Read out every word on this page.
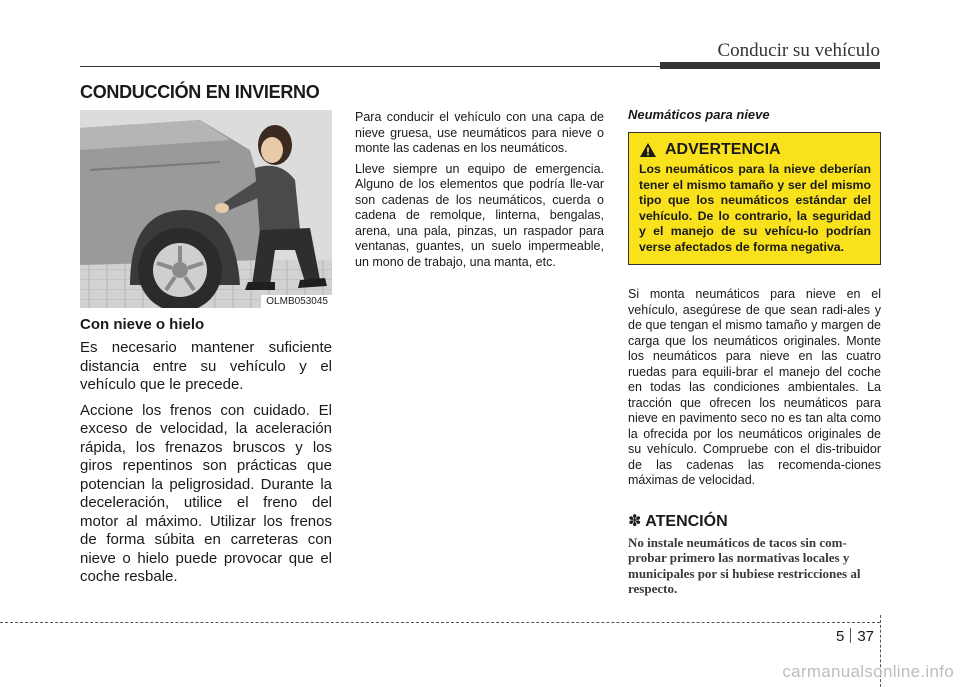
Conducir su vehículo
CONDUCCIÓN EN INVIERNO
OLMB053045
Con nieve o hielo

Es necesario mantener suficiente distancia entre su vehículo y el vehículo que le precede.

Accione los frenos con cuidado. El exceso de velocidad, la aceleración rápida, los frenazos bruscos y los giros repentinos son prácticas que potencian la peligrosidad. Durante la deceleración, utilice el freno del motor al máximo. Utilizar los frenos de forma súbita en carreteras con nieve o hielo puede provocar que el coche resbale.

Para conducir el vehículo con una capa de nieve gruesa, use neumáticos para nieve o monte las cadenas en los neumáticos.

Lleve siempre un equipo de emergencia. Alguno de los elementos que podría lle-var son cadenas de los neumáticos, cuerda o cadena de remolque, linterna, bengalas, arena, una pala, pinzas, un raspador para ventanas, guantes, un suelo impermeable, un mono de trabajo, una manta, etc.

Neumáticos para nieve
ADVERTENCIA
Los neumáticos para la nieve deberían tener el mismo tamaño y ser del mismo tipo que los neumáticos estándar del vehículo. De lo contrario, la seguridad y el manejo de su vehícu-lo podrían verse afectados de forma negativa.

Si monta neumáticos para nieve en el vehículo, asegúrese de que sean radi-ales y de que tengan el mismo tamaño y margen de carga que los neumáticos originales. Monte los neumáticos para nieve en las cuatro ruedas para equili-brar el manejo del coche en todas las condiciones ambientales. La tracción que ofrecen los neumáticos para nieve en pavimento seco no es tan alta como la ofrecida por los neumáticos originales de su vehículo. Compruebe con el dis-tribuidor de las cadenas las recomenda-ciones máximas de velocidad.

✽ ATENCIÓN
No instale neumáticos de tacos sin com-probar primero las normativas locales y municipales por si hubiese restricciones al respecto.
5 37
carmanualsonline.info
